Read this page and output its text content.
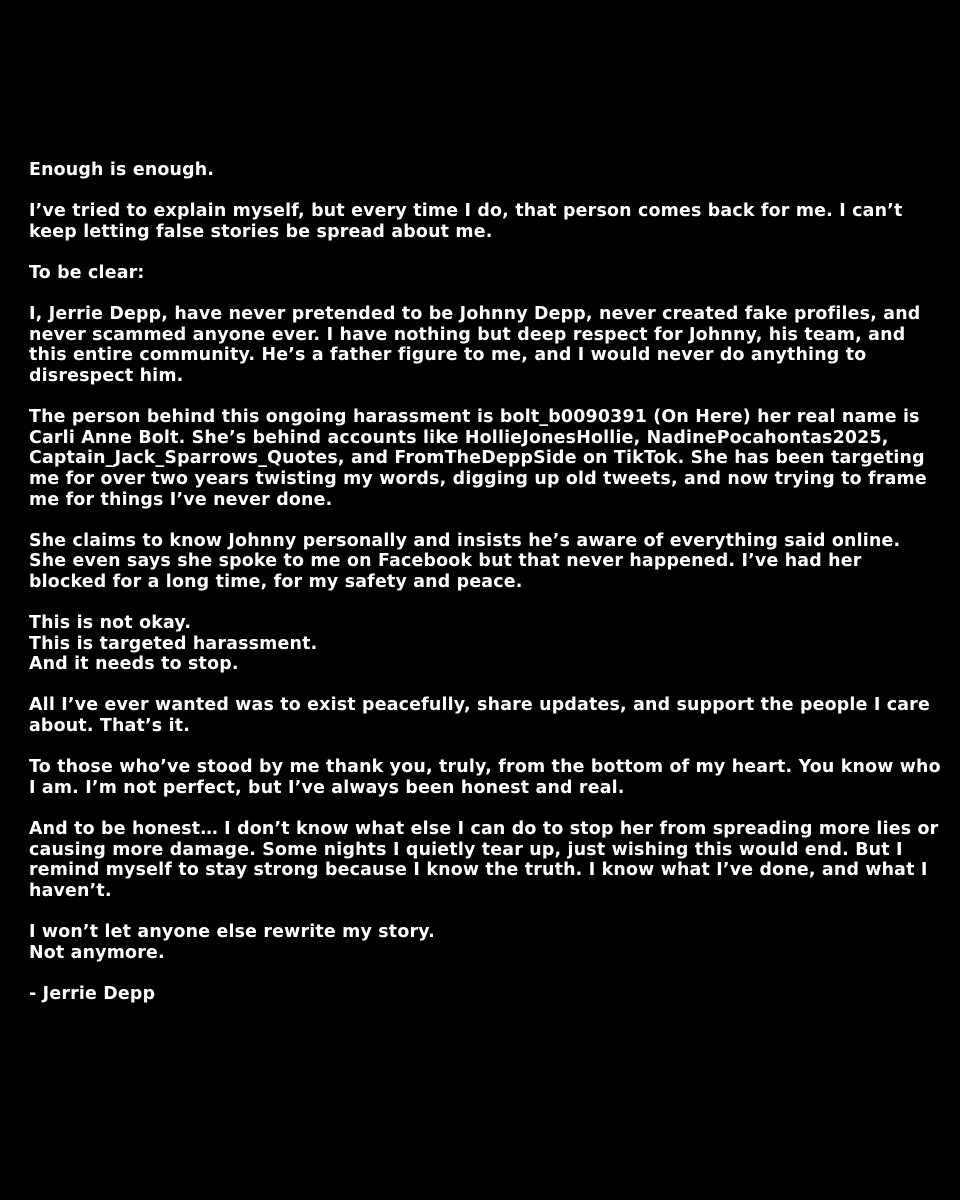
Enough is enough.

I’ve tried to explain myself, but every time I do, that person comes back for me. I can’t keep letting false stories be spread about me.

To be clear:

I, Jerrie Depp, have never pretended to be Johnny Depp, never created fake profiles, and never scammed anyone ever. I have nothing but deep respect for Johnny, his team, and this entire community. He’s a father figure to me, and I would never do anything to disrespect him.

The person behind this ongoing harassment is bolt_b0090391 (On Here) her real name is Carli Anne Bolt. She’s behind accounts like HollieJonesHollie, NadinePocahontas2025, Captain_Jack_Sparrows_Quotes, and FromTheDeppSide on TikTok. She has been targeting me for over two years twisting my words, digging up old tweets, and now trying to frame me for things I’ve never done.

She claims to know Johnny personally and insists he’s aware of everything said online. She even says she spoke to me on Facebook but that never happened. I’ve had her blocked for a long time, for my safety and peace.

This is not okay.
This is targeted harassment.
And it needs to stop.

All I’ve ever wanted was to exist peacefully, share updates, and support the people I care about. That’s it.

To those who’ve stood by me thank you, truly, from the bottom of my heart. You know who I am. I’m not perfect, but I’ve always been honest and real.

And to be honest… I don’t know what else I can do to stop her from spreading more lies or causing more damage. Some nights I quietly tear up, just wishing this would end. But I remind myself to stay strong because I know the truth. I know what I’ve done, and what I haven’t.

I won’t let anyone else rewrite my story.
Not anymore.

- Jerrie Depp
